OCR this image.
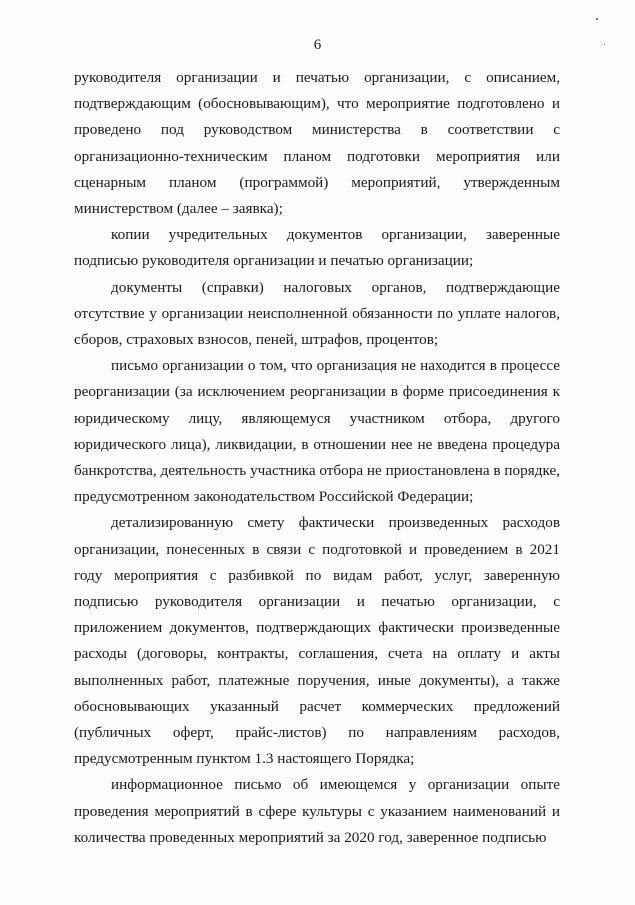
6

руководителя организации и печатью организации, с описанием, подтверждающим (обосновывающим), что мероприятие подготовлено и проведено под руководством министерства в соответствии с организационно-техническим планом подготовки мероприятия или сценарным планом (программой) мероприятий, утвержденным министерством (далее – заявка);

копии учредительных документов организации, заверенные подписью руководителя организации и печатью организации;

документы (справки) налоговых органов, подтверждающие отсутствие у организации неисполненной обязанности по уплате налогов, сборов, страховых взносов, пеней, штрафов, процентов;

письмо организации о том, что организация не находится в процессе реорганизации (за исключением реорганизации в форме присоединения к юридическому лицу, являющемуся участником отбора, другого юридического лица), ликвидации, в отношении нее не введена процедура банкротства, деятельность участника отбора не приостановлена в порядке, предусмотренном законодательством Российской Федерации;

детализированную смету фактически произведенных расходов организации, понесенных в связи с подготовкой и проведением в 2021 году мероприятия с разбивкой по видам работ, услуг, заверенную подписью руководителя организации и печатью организации, с приложением документов, подтверждающих фактически произведенные расходы (договоры, контракты, соглашения, счета на оплату и акты выполненных работ, платежные поручения, иные документы), а также обосновывающих указанный расчет коммерческих предложений (публичных оферт, прайс-листов) по направлениям расходов, предусмотренным пунктом 1.3 настоящего Порядка;

информационное письмо об имеющемся у организации опыте проведения мероприятий в сфере культуры с указанием наименований и количества проведенных мероприятий за 2020 год, заверенное подписью
